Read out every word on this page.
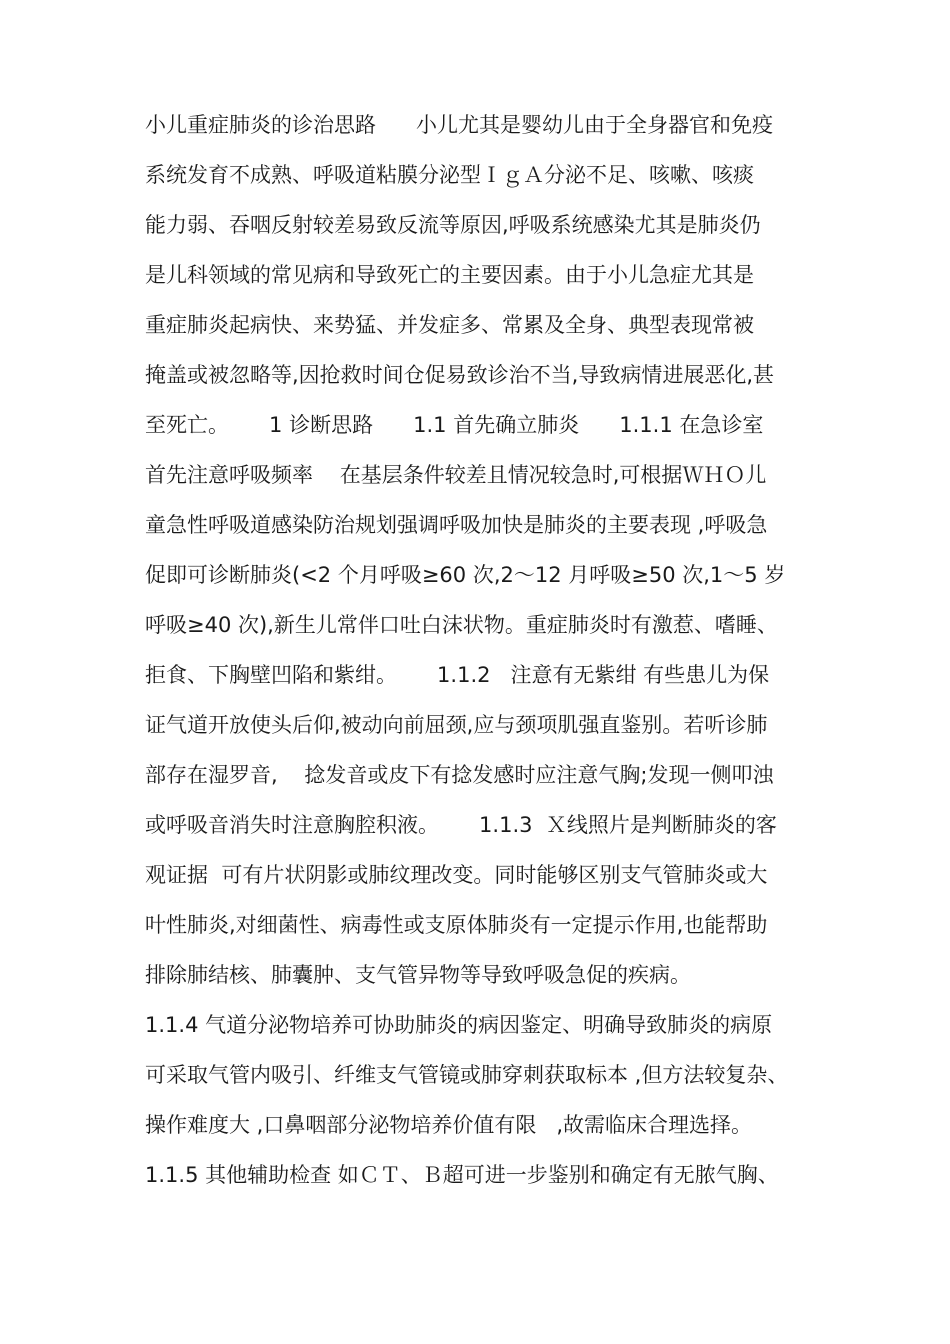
小儿重症肺炎的诊治思路      小儿尤其是婴幼儿由于全身器官和免疫
系统发育不成熟、呼吸道粘膜分泌型ＩｇＡ分泌不足、咳嗽、咳痰
能力弱、吞咽反射较差易致反流等原因,呼吸系统感染尤其是肺炎仍
是儿科领域的常见病和导致死亡的主要因素。由于小儿急症尤其是
重症肺炎起病快、来势猛、并发症多、常累及全身、典型表现常被
掩盖或被忽略等,因抢救时间仓促易致诊治不当,导致病情进展恶化,甚
至死亡。      1 诊断思路      1.1 首先确立肺炎      1.1.1 在急诊室
首先注意呼吸频率    在基层条件较差且情况较急时,可根据ＷＨＯ儿
童急性呼吸道感染防治规划强调呼吸加快是肺炎的主要表现 ,呼吸急
促即可诊断肺炎(<2 个月呼吸≥60 次,2～12 月呼吸≥50 次,1～5 岁
呼吸≥40 次),新生儿常伴口吐白沫状物。重症肺炎时有激惹、嗜睡、
拒食、下胸壁凹陷和紫绀。      1.1.2   注意有无紫绀 有些患儿为保
证气道开放使头后仰,被动向前屈颈,应与颈项肌强直鉴别。若听诊肺
部存在湿罗音,    捻发音或皮下有捻发感时应注意气胸;发现一侧叩浊
或呼吸音消失时注意胸腔积液。      1.1.3  Ｘ线照片是判断肺炎的客
观证据  可有片状阴影或肺纹理改变。同时能够区别支气管肺炎或大
叶性肺炎,对细菌性、病毒性或支原体肺炎有一定提示作用,也能帮助
排除肺结核、肺囊肿、支气管异物等导致呼吸急促的疾病。
1.1.4 气道分泌物培养可协助肺炎的病因鉴定、明确导致肺炎的病原
可采取气管内吸引、纤维支气管镜或肺穿刺获取标本 ,但方法较复杂、
操作难度大 ,口鼻咽部分泌物培养价值有限   ,故需临床合理选择。
1.1.5 其他辅助检查 如ＣＴ、Ｂ超可进一步鉴别和确定有无脓气胸、
